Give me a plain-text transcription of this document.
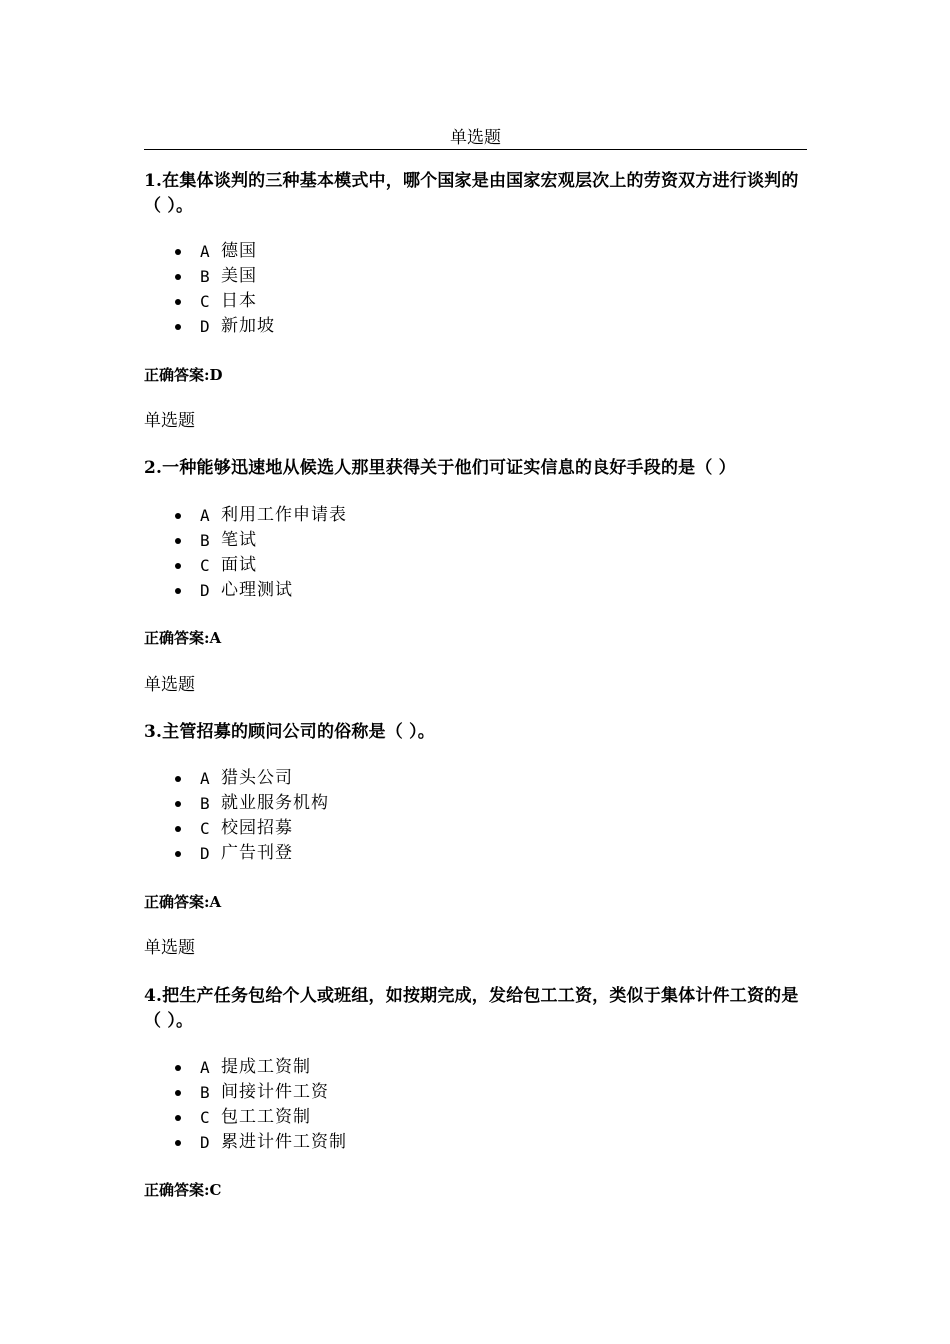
单选题
1.在集体谈判的三种基本模式中，哪个国家是由国家宏观层次上的劳资双方进行谈判的（ ）。
A 德国
B 美国
C 日本
D 新加坡
正确答案:D
单选题
2.一种能够迅速地从候选人那里获得关于他们可证实信息的良好手段的是（ ）
A 利用工作申请表
B 笔试
C 面试
D 心理测试
正确答案:A
单选题
3.主管招募的顾问公司的俗称是（ ）。
A 猎头公司
B 就业服务机构
C 校园招募
D 广告刊登
正确答案:A
单选题
4.把生产任务包给个人或班组，如按期完成，发给包工工资，类似于集体计件工资的是（ ）。
A 提成工资制
B 间接计件工资
C 包工工资制
D 累进计件工资制
正确答案:C
